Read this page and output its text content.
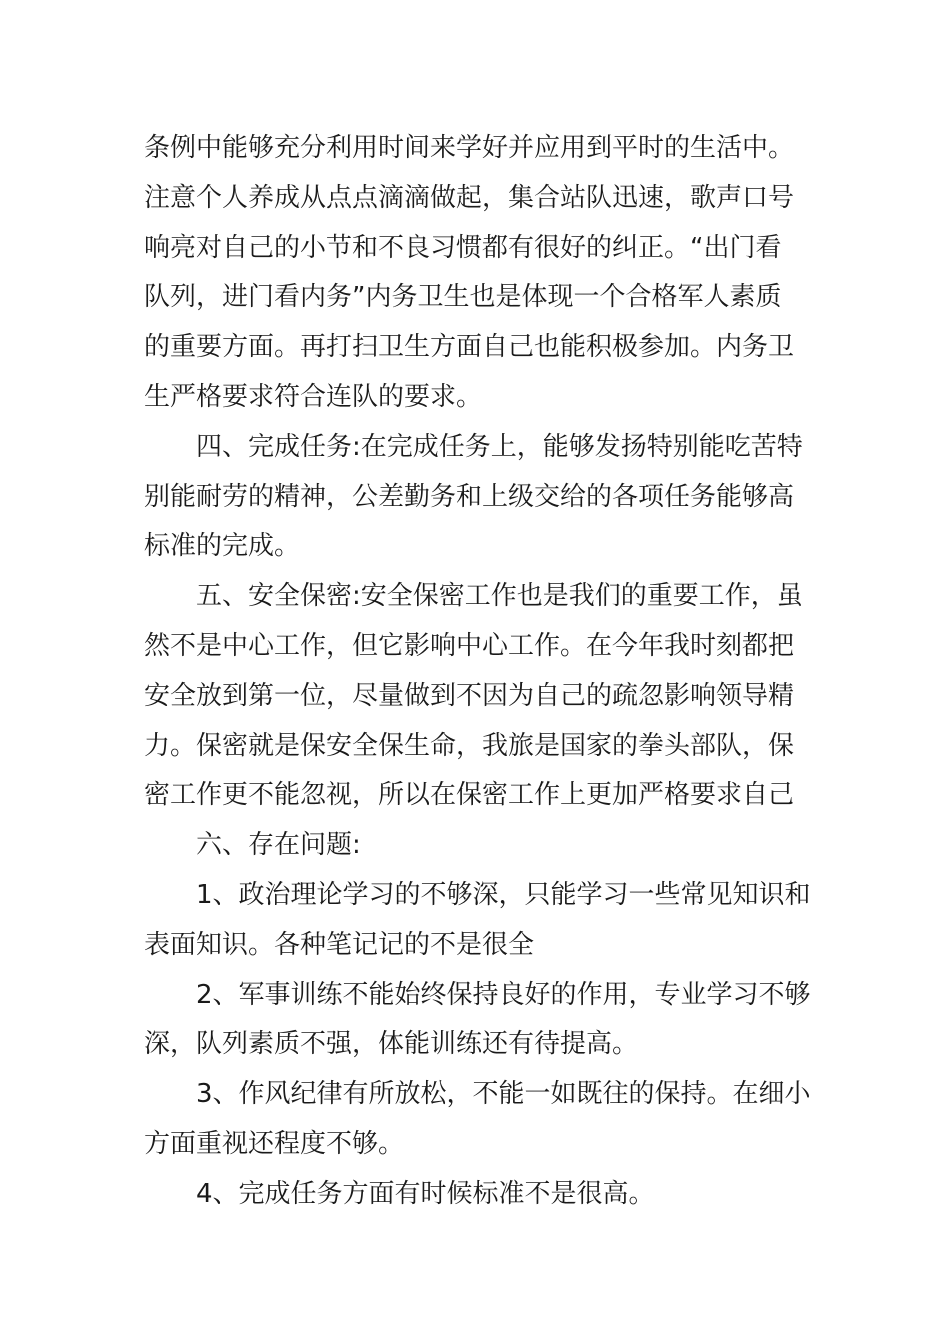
条例中能够充分利用时间来学好并应用到平时的生活中。
注意个人养成从点点滴滴做起，集合站队迅速，歌声口号
响亮对自己的小节和不良习惯都有很好的纠正。“出门看
队列，进门看内务”内务卫生也是体现一个合格军人素质
的重要方面。再打扫卫生方面自己也能积极参加。内务卫
生严格要求符合连队的要求。
四、完成任务:在完成任务上，能够发扬特别能吃苦特
别能耐劳的精神，公差勤务和上级交给的各项任务能够高
标准的完成。
五、安全保密:安全保密工作也是我们的重要工作，虽
然不是中心工作，但它影响中心工作。在今年我时刻都把
安全放到第一位，尽量做到不因为自己的疏忽影响领导精
力。保密就是保安全保生命，我旅是国家的拳头部队，保
密工作更不能忽视，所以在保密工作上更加严格要求自己
六、存在问题:
1、政治理论学习的不够深，只能学习一些常见知识和
表面知识。各种笔记记的不是很全
2、军事训练不能始终保持良好的作用，专业学习不够
深，队列素质不强，体能训练还有待提高。
3、作风纪律有所放松，不能一如既往的保持。在细小
方面重视还程度不够。
4、完成任务方面有时候标准不是很高。
